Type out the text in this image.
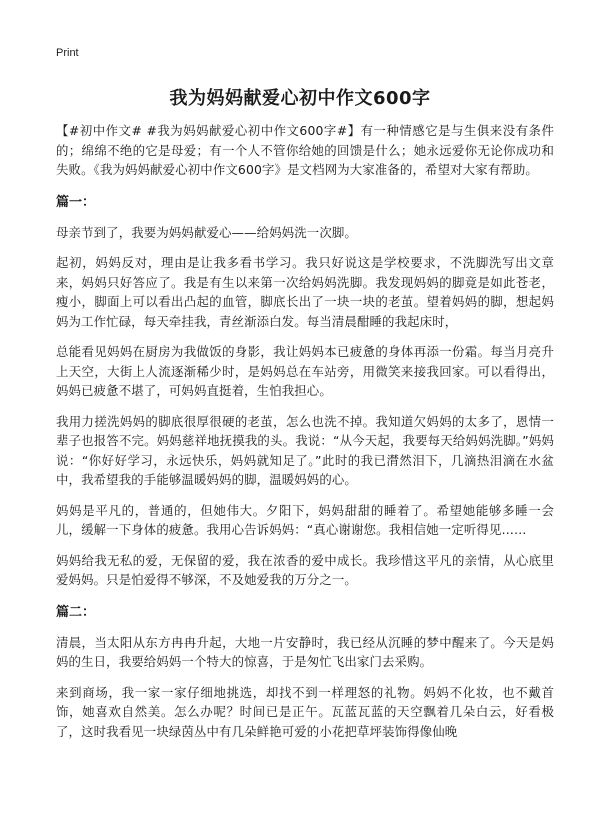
Print
我为妈妈献爱心初中作文600字

【#初中作文# #我为妈妈献爱心初中作文600字#】有一种情感它是与生俱来没有条件的；绵绵不绝的它是母爱；有一个人不管你给她的回馈是什么；她永远爱你无论你成功和失败。《我为妈妈献爱心初中作文600字》是文档网为大家准备的，希望对大家有帮助。

篇一：

母亲节到了，我要为妈妈献爱心——给妈妈洗一次脚。

起初，妈妈反对，理由是让我多看书学习。我只好说这是学校要求，不洗脚洗写出文章来，妈妈只好答应了。我是有生以来第一次给妈妈洗脚。我发现妈妈的脚竟是如此苍老，瘦小，脚面上可以看出凸起的血管，脚底长出了一块一块的老茧。望着妈妈的脚，想起妈妈为工作忙碌，每天牵挂我，青丝渐添白发。每当清晨酣睡的我起床时，

总能看见妈妈在厨房为我做饭的身影，我让妈妈本已疲惫的身体再添一份霜。每当月亮升上天空，大街上人流逐渐稀少时，是妈妈总在车站旁，用微笑来接我回家。可以看得出，妈妈已疲惫不堪了，可妈妈直挺着，生怕我担心。

我用力搓洗妈妈的脚底很厚很硬的老茧，怎么也洗不掉。我知道欠妈妈的太多了，恩情一辈子也报答不完。妈妈慈祥地抚摸我的头。我说：“从今天起，我要每天给妈妈洗脚。”妈妈说：“你好好学习，永远快乐，妈妈就知足了。”此时的我已潸然泪下，几滴热泪滴在水盆中，我希望我的手能够温暖妈妈的脚，温暖妈妈的心。

妈妈是平凡的，普通的，但她伟大。夕阳下，妈妈甜甜的睡着了。希望她能够多睡一会儿，缓解一下身体的疲惫。我用心告诉妈妈：“真心谢谢您。我相信她一定听得见……

妈妈给我无私的爱，无保留的爱，我在浓香的爱中成长。我珍惜这平凡的亲情，从心底里爱妈妈。只是怕爱得不够深，不及她爱我的万分之一。

篇二：

清晨，当太阳从东方冉冉升起，大地一片安静时，我已经从沉睡的梦中醒来了。今天是妈妈的生日，我要给妈妈一个特大的惊喜，于是匆忙飞出家门去采购。

来到商场，我一家一家仔细地挑选，却找不到一样理怒的礼物。妈妈不化妆，也不戴首饰，她喜欢自然美。怎么办呢？时间已是正午。瓦蓝瓦蓝的天空飘着几朵白云，好看极了，这时我看见一块绿茵丛中有几朵鲜艳可爱的小花把草坪装饰得像仙晚
